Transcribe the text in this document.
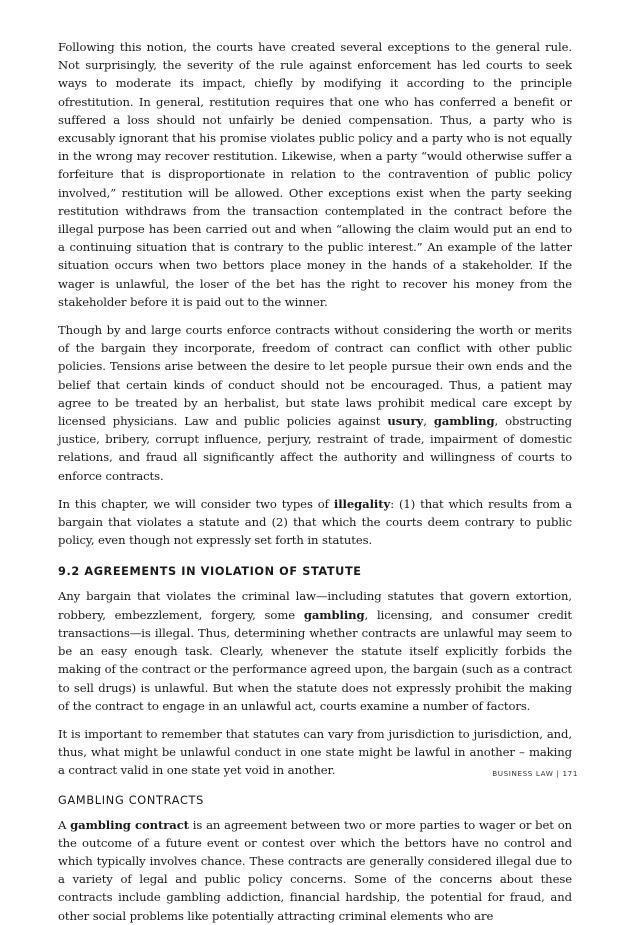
Following this notion, the courts have created several exceptions to the general rule. Not surprisingly, the severity of the rule against enforcement has led courts to seek ways to moderate its impact, chiefly by modifying it according to the principle ofrestitution. In general, restitution requires that one who has conferred a benefit or suffered a loss should not unfairly be denied compensation. Thus, a party who is excusably ignorant that his promise violates public policy and a party who is not equally in the wrong may recover restitution. Likewise, when a party “would otherwise suffer a forfeiture that is disproportionate in relation to the contravention of public policy involved,” restitution will be allowed. Other exceptions exist when the party seeking restitution withdraws from the transaction contemplated in the contract before the illegal purpose has been carried out and when “allowing the claim would put an end to a continuing situation that is contrary to the public interest.” An example of the latter situation occurs when two bettors place money in the hands of a stakeholder. If the wager is unlawful, the loser of the bet has the right to recover his money from the stakeholder before it is paid out to the winner.

Though by and large courts enforce contracts without considering the worth or merits of the bargain they incorporate, freedom of contract can conflict with other public policies. Tensions arise between the desire to let people pursue their own ends and the belief that certain kinds of conduct should not be encouraged. Thus, a patient may agree to be treated by an herbalist, but state laws prohibit medical care except by licensed physicians. Law and public policies against usury, gambling, obstructing justice, bribery, corrupt influence, perjury, restraint of trade, impairment of domestic relations, and fraud all significantly affect the authority and willingness of courts to enforce contracts.

In this chapter, we will consider two types of illegality: (1) that which results from a bargain that violates a statute and (2) that which the courts deem contrary to public policy, even though not expressly set forth in statutes.

9.2 AGREEMENTS IN VIOLATION OF STATUTE

Any bargain that violates the criminal law—including statutes that govern extortion, robbery, embezzlement, forgery, some gambling, licensing, and consumer credit transactions—is illegal. Thus, determining whether contracts are unlawful may seem to be an easy enough task. Clearly, whenever the statute itself explicitly forbids the making of the contract or the performance agreed upon, the bargain (such as a contract to sell drugs) is unlawful. But when the statute does not expressly prohibit the making of the contract to engage in an unlawful act, courts examine a number of factors.

It is important to remember that statutes can vary from jurisdiction to jurisdiction, and, thus, what might be unlawful conduct in one state might be lawful in another – making a contract valid in one state yet void in another.

GAMBLING CONTRACTS

A gambling contract is an agreement between two or more parties to wager or bet on the outcome of a future event or contest over which the bettors have no control and which typically involves chance. These contracts are generally considered illegal due to a variety of legal and public policy concerns. Some of the concerns about these contracts include gambling addiction, financial hardship, the potential for fraud, and other social problems like potentially attracting criminal elements who are

BUSINESS LAW | 171
